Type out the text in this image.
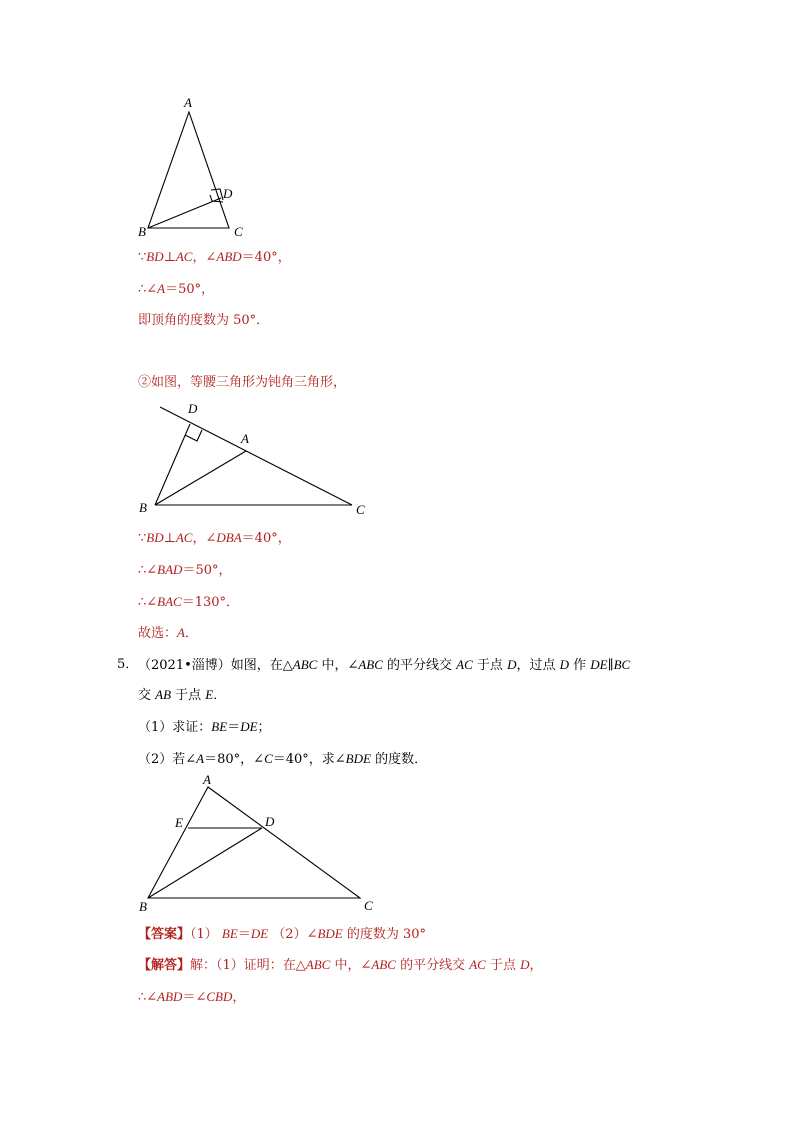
A
B	C
D
∵BD⊥AC，∠ABD＝40°，
∴∠A＝50°，
即顶角的度数为 50°．
②如图，等腰三角形为钝角三角形，
D
A
B	C
∵BD⊥AC，∠DBA＝40°，
∴∠BAD＝50°，
∴∠BAC＝130°．
故选：A．
5． （2021•淄博）如图，在△ABC 中，∠ABC 的平分线交 AC 于点 D，过点 D 作 DE∥BC
交 AB 于点 E．
（1）求证：BE＝DE；
（2）若∠A＝80°，∠C＝40°，求∠BDE 的度数．
A
E	D
B	C
【答案】（1） BE＝DE （2）∠BDE 的度数为 30°
【解答】解：（1）证明：在△ABC 中，∠ABC 的平分线交 AC 于点 D，
∴∠ABD＝∠CBD，
